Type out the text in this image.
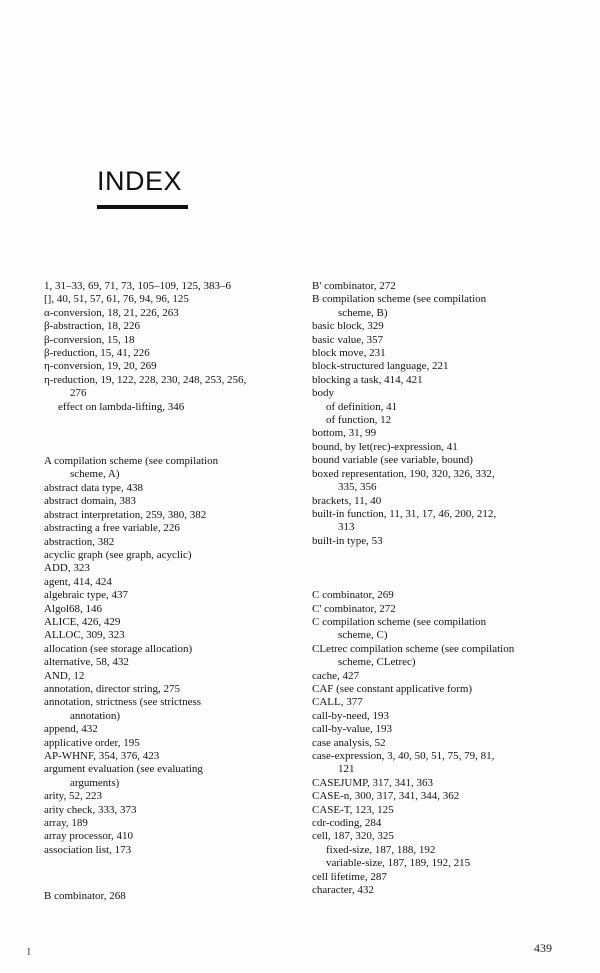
INDEX
1, 31–33, 69, 71, 73, 105–109, 125, 383–6
[], 40, 51, 57, 61, 76, 94, 96, 125
α-conversion, 18, 21, 226, 263
β-abstraction, 18, 226
β-conversion, 15, 18
β-reduction, 15, 41, 226
η-conversion, 19, 20, 269
η-reduction, 19, 122, 228, 230, 248, 253, 256,
276
effect on lambda-lifting, 346
A compilation scheme (see compilation
scheme, A)
abstract data type, 438
abstract domain, 383
abstract interpretation, 259, 380, 382
abstracting a free variable, 226
abstraction, 382
acyclic graph (see graph, acyclic)
ADD, 323
agent, 414, 424
algebraic type, 437
Algol68, 146
ALICE, 426, 429
ALLOC, 309, 323
allocation (see storage allocation)
alternative, 58, 432
AND, 12
annotation, director string, 275
annotation, strictness (see strictness
annotation)
append, 432
applicative order, 195
AP-WHNF, 354, 376, 423
argument evaluation (see evaluating
arguments)
arity, 52, 223
arity check, 333, 373
array, 189
array processor, 410
association list, 173
B combinator, 268
B' combinator, 272
B compilation scheme (see compilation
scheme, B)
basic block, 329
basic value, 357
block move, 231
block-structured language, 221
blocking a task, 414, 421
body
of definition, 41
of function, 12
bottom, 31, 99
bound, by let(rec)-expression, 41
bound variable (see variable, bound)
boxed representation, 190, 320, 326, 332,
335, 356
brackets, 11, 40
built-in function, 11, 31, 17, 46, 200, 212,
313
built-in type, 53
C combinator, 269
C' combinator, 272
C compilation scheme (see compilation
scheme, C)
CLetrec compilation scheme (see compilation
scheme, CLetrec)
cache, 427
CAF (see constant applicative form)
CALL, 377
call-by-need, 193
call-by-value, 193
case analysis, 52
case-expression, 3, 40, 50, 51, 75, 79, 81,
121
CASEJUMP, 317, 341, 363
CASE-n, 300, 317, 341, 344, 362
CASE-T, 123, 125
cdr-coding, 284
cell, 187, 320, 325
fixed-size, 187, 188, 192
variable-size, 187, 189, 192, 215
cell lifetime, 287
character, 432
I	439
